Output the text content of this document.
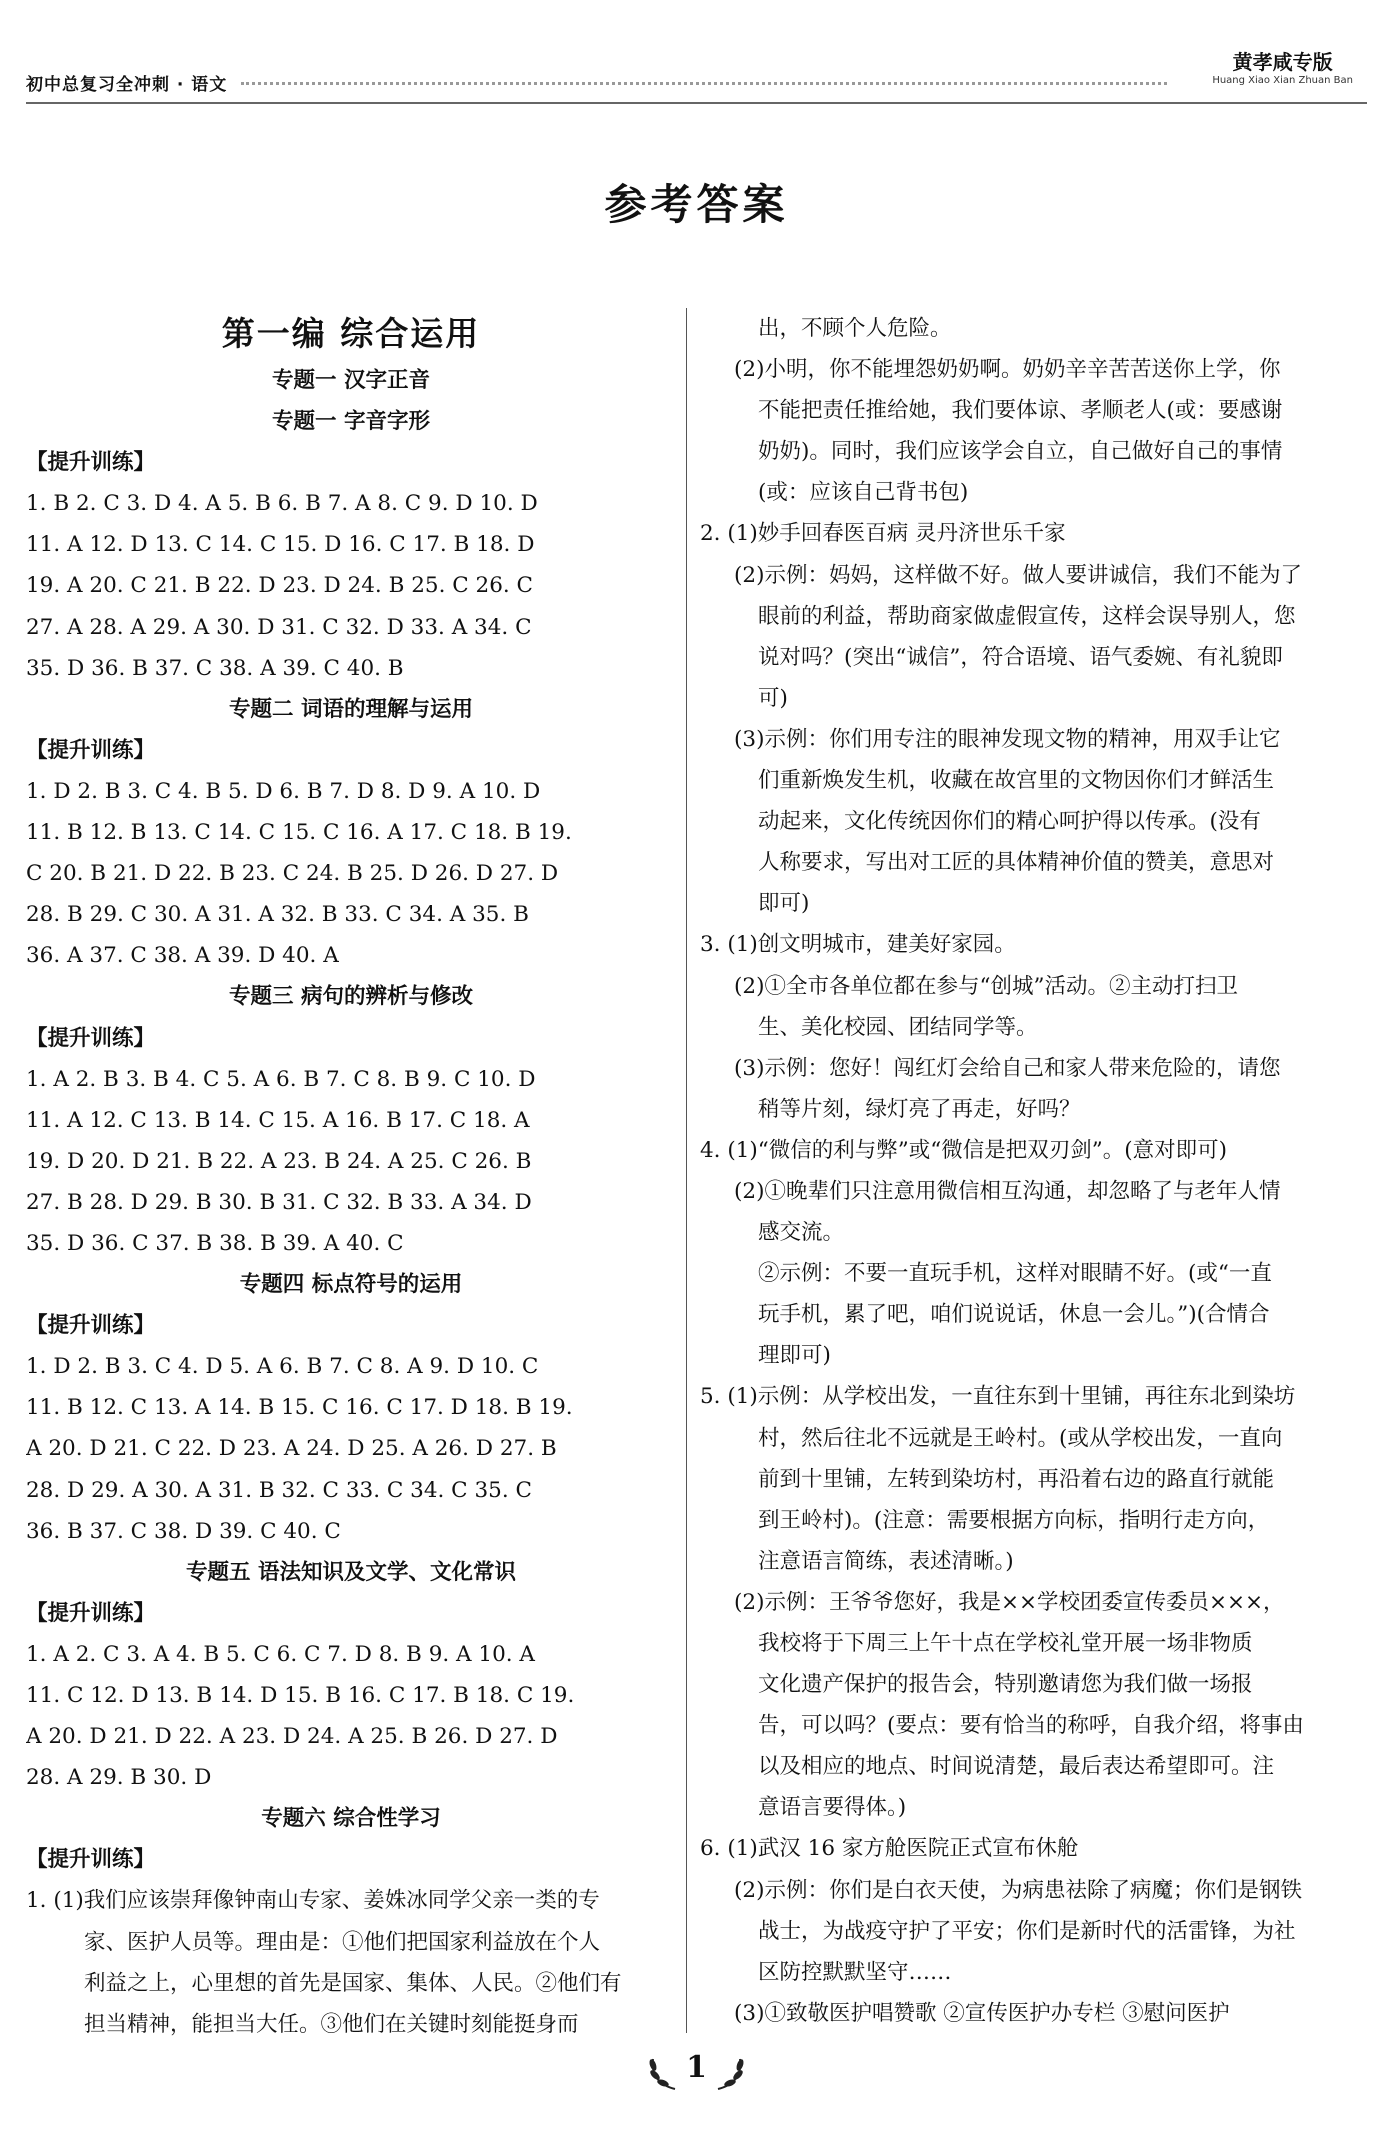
初中总复习全冲刺 · 语文
黄孝咸专版
Huang Xiao Xian Zhuan Ban
参考答案
第一编 综合运用
专题一 汉字正音
专题一 字音字形
【提升训练】
1. B 2. C 3. D 4. A 5. B 6. B 7. A 8. C 9. D 10. D
11. A 12. D 13. C 14. C 15. D 16. C 17. B 18. D
19. A 20. C 21. B 22. D 23. D 24. B 25. C 26. C
27. A 28. A 29. A 30. D 31. C 32. D 33. A 34. C
35. D 36. B 37. C 38. A 39. C 40. B
专题二 词语的理解与运用
【提升训练】
1. D 2. B 3. C 4. B 5. D 6. B 7. D 8. D 9. A 10. D
11. B 12. B 13. C 14. C 15. C 16. A 17. C 18. B 19.
C 20. B 21. D 22. B 23. C 24. B 25. D 26. D 27. D
28. B 29. C 30. A 31. A 32. B 33. C 34. A 35. B
36. A 37. C 38. A 39. D 40. A
专题三 病句的辨析与修改
【提升训练】
1. A 2. B 3. B 4. C 5. A 6. B 7. C 8. B 9. C 10. D
11. A 12. C 13. B 14. C 15. A 16. B 17. C 18. A
19. D 20. D 21. B 22. A 23. B 24. A 25. C 26. B
27. B 28. D 29. B 30. B 31. C 32. B 33. A 34. D
35. D 36. C 37. B 38. B 39. A 40. C
专题四 标点符号的运用
【提升训练】
1. D 2. B 3. C 4. D 5. A 6. B 7. C 8. A 9. D 10. C
11. B 12. C 13. A 14. B 15. C 16. C 17. D 18. B 19.
A 20. D 21. C 22. D 23. A 24. D 25. A 26. D 27. B
28. D 29. A 30. A 31. B 32. C 33. C 34. C 35. C
36. B 37. C 38. D 39. C 40. C
专题五 语法知识及文学、文化常识
【提升训练】
1. A 2. C 3. A 4. B 5. C 6. C 7. D 8. B 9. A 10. A
11. C 12. D 13. B 14. D 15. B 16. C 17. B 18. C 19.
A 20. D 21. D 22. A 23. D 24. A 25. B 26. D 27. D
28. A 29. B 30. D
专题六 综合性学习
【提升训练】
1. (1)我们应该崇拜像钟南山专家、姜姝冰同学父亲一类的专
家、医护人员等。理由是：①他们把国家利益放在个人
利益之上，心里想的首先是国家、集体、人民。②他们有
担当精神，能担当大任。③他们在关键时刻能挺身而
出，不顾个人危险。
(2)小明，你不能埋怨奶奶啊。奶奶辛辛苦苦送你上学，你
不能把责任推给她，我们要体谅、孝顺老人(或：要感谢
奶奶)。同时，我们应该学会自立，自己做好自己的事情
(或：应该自己背书包)
2. (1)妙手回春医百病 灵丹济世乐千家
(2)示例：妈妈，这样做不好。做人要讲诚信，我们不能为了
眼前的利益，帮助商家做虚假宣传，这样会误导别人，您
说对吗？(突出“诚信”，符合语境、语气委婉、有礼貌即
可)
(3)示例：你们用专注的眼神发现文物的精神，用双手让它
们重新焕发生机，收藏在故宫里的文物因你们才鲜活生
动起来，文化传统因你们的精心呵护得以传承。(没有
人称要求，写出对工匠的具体精神价值的赞美，意思对
即可)
3. (1)创文明城市，建美好家园。
(2)①全市各单位都在参与“创城”活动。②主动打扫卫
生、美化校园、团结同学等。
(3)示例：您好！闯红灯会给自己和家人带来危险的，请您
稍等片刻，绿灯亮了再走，好吗？
4. (1)“微信的利与弊”或“微信是把双刃剑”。(意对即可)
(2)①晚辈们只注意用微信相互沟通，却忽略了与老年人情
感交流。
②示例：不要一直玩手机，这样对眼睛不好。(或“一直
玩手机，累了吧，咱们说说话，休息一会儿。”)(合情合
理即可)
5. (1)示例：从学校出发，一直往东到十里铺，再往东北到染坊
村，然后往北不远就是王岭村。(或从学校出发，一直向
前到十里铺，左转到染坊村，再沿着右边的路直行就能
到王岭村)。(注意：需要根据方向标，指明行走方向，
注意语言简练，表述清晰。)
(2)示例：王爷爷您好，我是××学校团委宣传委员×××，
我校将于下周三上午十点在学校礼堂开展一场非物质
文化遗产保护的报告会，特别邀请您为我们做一场报
告，可以吗？(要点：要有恰当的称呼，自我介绍，将事由
以及相应的地点、时间说清楚，最后表达希望即可。注
意语言要得体。)
6. (1)武汉 16 家方舱医院正式宣布休舱
(2)示例：你们是白衣天使，为病患祛除了病魔；你们是钢铁
战士，为战疫守护了平安；你们是新时代的活雷锋，为社
区防控默默坚守……
(3)①致敬医护唱赞歌 ②宣传医护办专栏 ③慰问医护
1
